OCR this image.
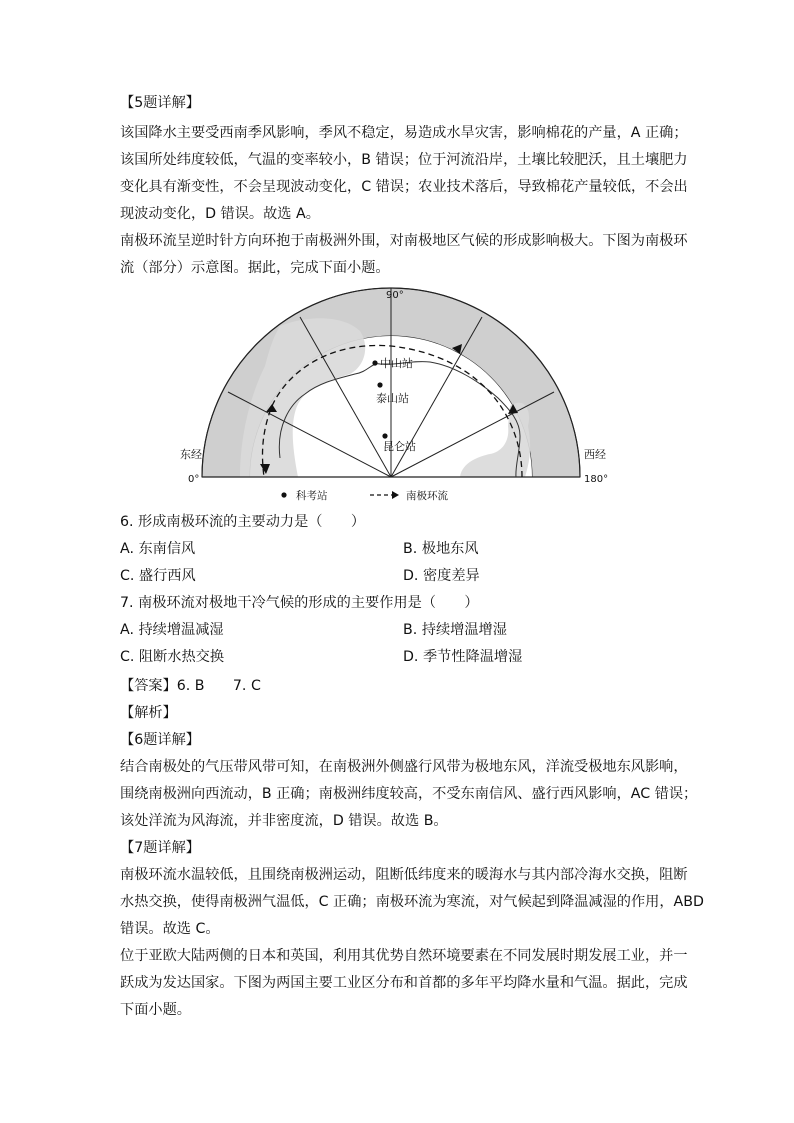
【5题详解】
该国降水主要受西南季风影响，季风不稳定，易造成水旱灾害，影响棉花的产量，A 正确；
该国所处纬度较低，气温的变率较小，B 错误；位于河流沿岸，土壤比较肥沃，且土壤肥力
变化具有渐变性，不会呈现波动变化，C 错误；农业技术落后，导致棉花产量较低，不会出
现波动变化，D 错误。故选 A。
南极环流呈逆时针方向环抱于南极洲外围，对南极地区气候的形成影响极大。下图为南极环
流（部分）示意图。据此，完成下面小题。
中山站
泰山站
昆仑站
90°
东经	西经
0°	180°
科考站	南极环流
6. 形成南极环流的主要动力是（　　）
A. 东南信风	B. 极地东风
C. 盛行西风	D. 密度差异
7. 南极环流对极地干冷气候的形成的主要作用是（　　）
A. 持续增温减湿	B. 持续增温增湿
C. 阻断水热交换	D. 季节性降温增湿
【答案】6. B　　7. C
【解析】
【6题详解】
结合南极处的气压带风带可知，在南极洲外侧盛行风带为极地东风，洋流受极地东风影响，
围绕南极洲向西流动，B 正确；南极洲纬度较高，不受东南信风、盛行西风影响，AC 错误；
该处洋流为风海流，并非密度流，D 错误。故选 B。
【7题详解】
南极环流水温较低，且围绕南极洲运动，阻断低纬度来的暖海水与其内部冷海水交换，阻断
水热交换，使得南极洲气温低，C 正确；南极环流为寒流，对气候起到降温减湿的作用，ABD
错误。故选 C。
位于亚欧大陆两侧的日本和英国，利用其优势自然环境要素在不同发展时期发展工业，并一
跃成为发达国家。下图为两国主要工业区分布和首都的多年平均降水量和气温。据此，完成
下面小题。
